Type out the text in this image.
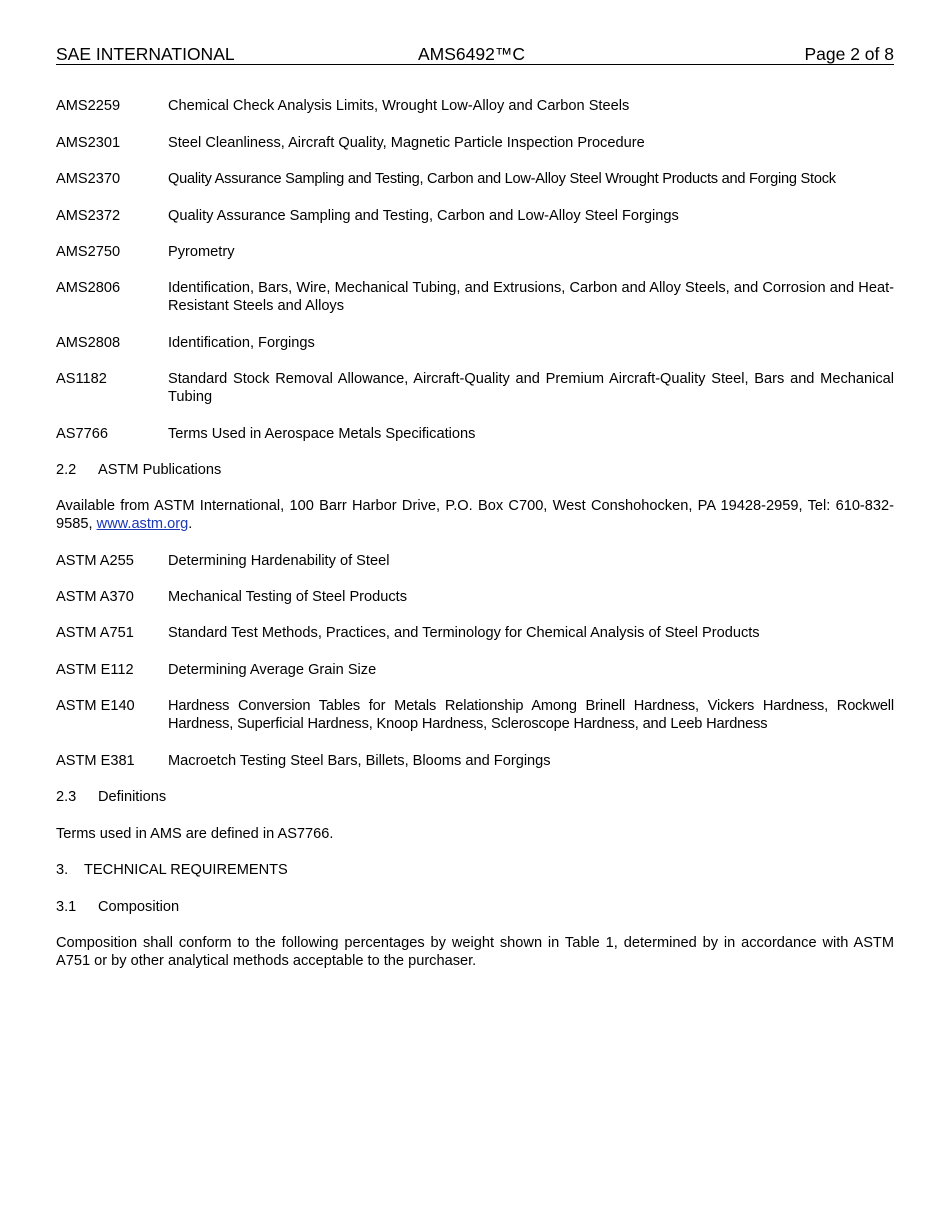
SAE INTERNATIONAL	AMS6492™C	Page 2 of 8
AMS2259	Chemical Check Analysis Limits, Wrought Low-Alloy and Carbon Steels
AMS2301	Steel Cleanliness, Aircraft Quality, Magnetic Particle Inspection Procedure
AMS2370	Quality Assurance Sampling and Testing, Carbon and Low-Alloy Steel Wrought Products and Forging Stock
AMS2372	Quality Assurance Sampling and Testing, Carbon and Low-Alloy Steel Forgings
AMS2750	Pyrometry
AMS2806	Identification, Bars, Wire, Mechanical Tubing, and Extrusions, Carbon and Alloy Steels, and Corrosion and Heat-Resistant Steels and Alloys
AMS2808	Identification, Forgings
AS1182	Standard Stock Removal Allowance, Aircraft-Quality and Premium Aircraft-Quality Steel, Bars and Mechanical Tubing
AS7766	Terms Used in Aerospace Metals Specifications
2.2 ASTM Publications
Available from ASTM International, 100 Barr Harbor Drive, P.O. Box C700, West Conshohocken, PA 19428-2959, Tel: 610-832-9585, www.astm.org.
ASTM A255 Determining Hardenability of Steel
ASTM A370 Mechanical Testing of Steel Products
ASTM A751 Standard Test Methods, Practices, and Terminology for Chemical Analysis of Steel Products
ASTM E112 Determining Average Grain Size
ASTM E140 Hardness Conversion Tables for Metals Relationship Among Brinell Hardness, Vickers Hardness, Rockwell Hardness, Superficial Hardness, Knoop Hardness, Scleroscope Hardness, and Leeb Hardness
ASTM E381 Macroetch Testing Steel Bars, Billets, Blooms and Forgings
2.3 Definitions
Terms used in AMS are defined in AS7766.
3. TECHNICAL REQUIREMENTS
3.1 Composition
Composition shall conform to the following percentages by weight shown in Table 1, determined by in accordance with ASTM A751 or by other analytical methods acceptable to the purchaser.
